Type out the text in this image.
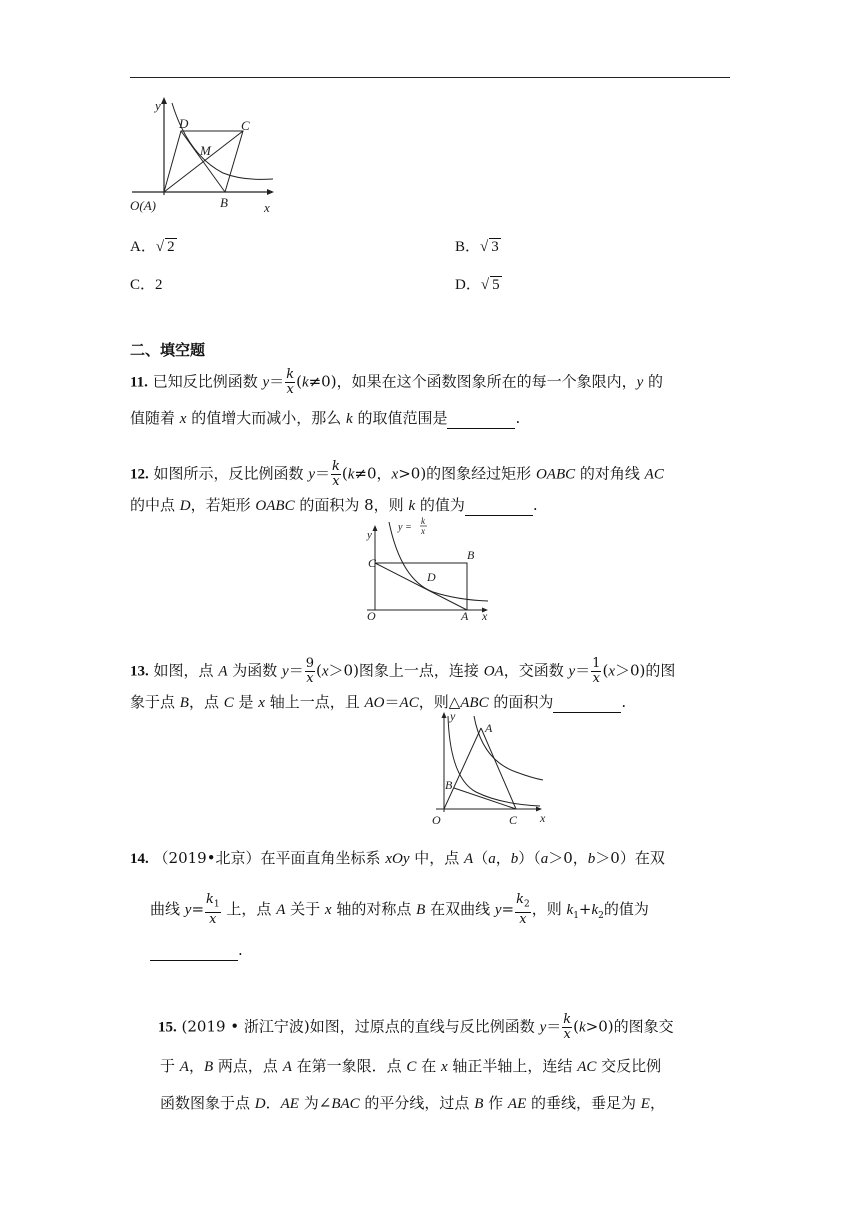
y
x
O(A)	B
C
D
M
A．√ 2	B．√ 3
C．2	D．√ 5
二、填空题
11. 已知反比例函数 $y= \frac{k}{x} (k\ne 0)$，如果在这个函数图象所在的每一个象限内，y 的
值随着 x 的值增大而减小，那么 k 的取值范围是	.
12. 如图所示，反比例函数 $y= \frac{k}{x} (k\ne 0$，x>0)的图象经过矩形 OABC 的对角线 AC
的中点 D，若矩形 OABC 的面积为 8，则 k 的值为	.
y
y =
k
x
C
B
D
O	A x
13. 如图，点 A 为函数 $y= \frac{9}{x} (x>0)$图象上一点，连接 OA，交函数 $y= \frac{1}{x} (x>0)$的图
象于点 B，点 C 是 x 轴上一点，且 AO＝AC，则△ABC 的面积为	.
y
A
B
O	C x
14. （2019•北京）在平面直角坐标系 xOy 中，点 A（a，b）（a＞0，b＞0）在双
曲线 $y= \frac{k_1}{x}$ 上，点 A 关于 x 轴的对称点 B 在双曲线 $y= \frac{k_2}{x}$ ，则 $k_1+k_2$的值为
.
15. (2019 • 浙江宁波)如图，过原点的直线与反比例函数 $y= \frac{k}{x} (k>0)$的图象交
于 A，B 两点，点 A 在第一象限．点 C 在 x 轴正半轴上，连结 AC 交反比例
函数图象于点 D．AE 为∠BAC 的平分线，过点 B 作 AE 的垂线，垂足为 E，
